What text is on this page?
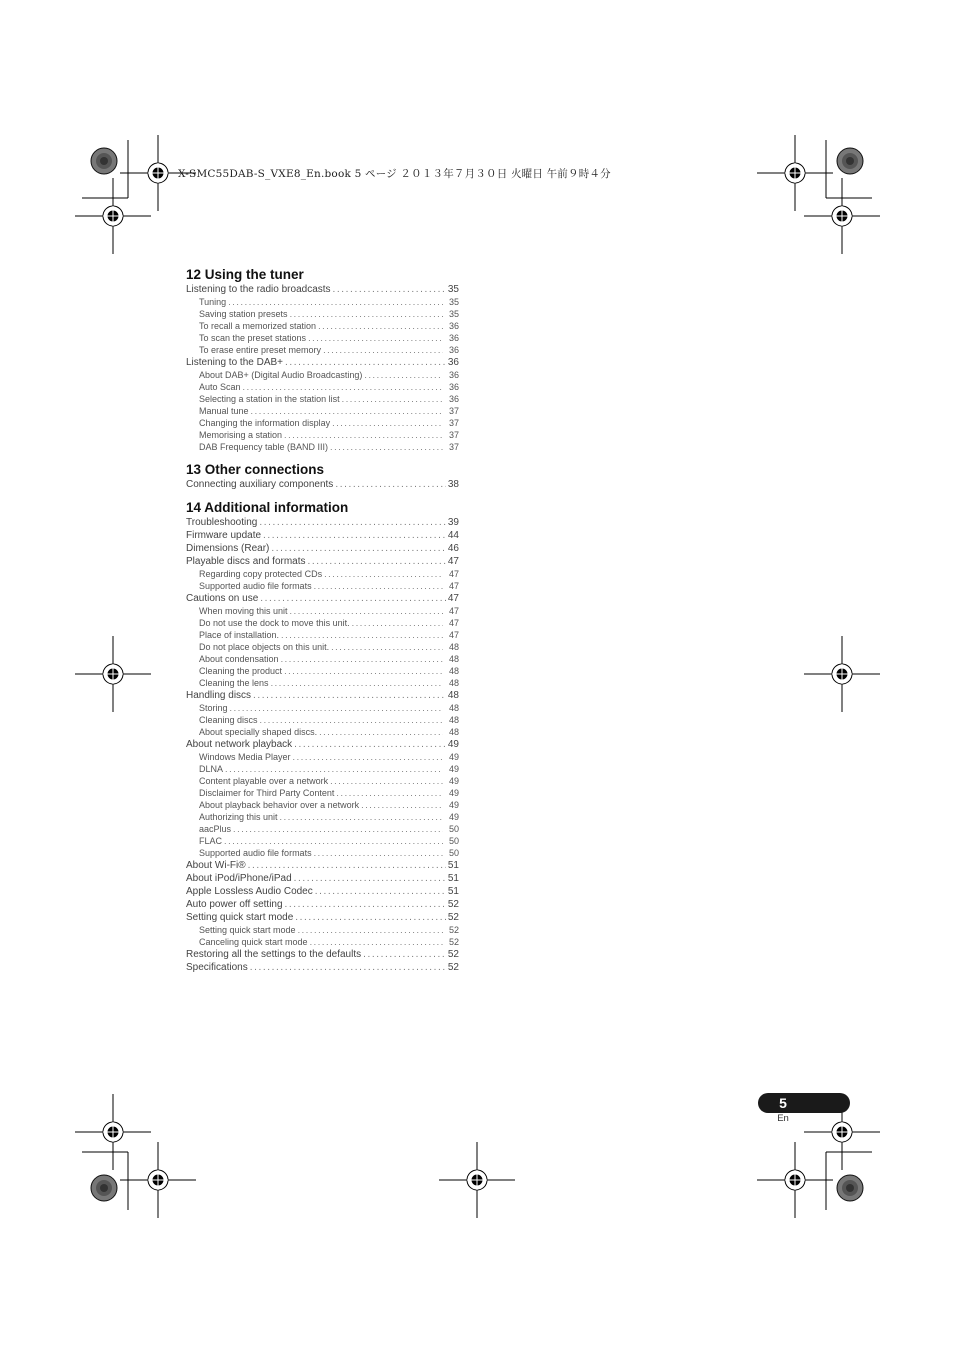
X-SMC55DAB-S_VXE8_En.book 5 ページ ２０１３年７月３０日 火曜日 午前９時４分
12 Using the tuner
Listening to the radio broadcasts .....	35
Tuning .....	35
Saving station presets .....	35
To recall a memorized station .....	36
To scan the preset stations .....	36
To erase entire preset memory .....	36
Listening to the DAB+ .....	36
About DAB+ (Digital Audio Broadcasting) .....	36
Auto Scan .....	36
Selecting a station in the station list .....	36
Manual tune .....	37
Changing the information display .....	37
Memorising a station .....	37
DAB Frequency table (BAND III) .....	37
13 Other connections
Connecting auxiliary components .....	38
14 Additional information
Troubleshooting .....	39
Firmware update .....	44
Dimensions (Rear) .....	46
Playable discs and formats .....	47
Regarding copy protected CDs .....	47
Supported audio file formats .....	47
Cautions on use .....	47
When moving this unit .....	47
Do not use the dock to move this unit. .....	47
Place of installation. .....	47
Do not place objects on this unit. .....	48
About condensation .....	48
Cleaning the product .....	48
Cleaning the lens .....	48
Handling discs .....	48
Storing .....	48
Cleaning discs .....	48
About specially shaped discs. .....	48
About network playback .....	49
Windows Media Player .....	49
DLNA .....	49
Content playable over a network .....	49
Disclaimer for Third Party Content .....	49
About playback behavior over a network .....	49
Authorizing this unit .....	49
aacPlus .....	50
FLAC .....	50
Supported audio file formats .....	50
About Wi-Fi® .....	51
About iPod/iPhone/iPad .....	51
Apple Lossless Audio Codec .....	51
Auto power off setting .....	52
Setting quick start mode .....	52
Setting quick start mode .....	52
Canceling quick start mode .....	52
Restoring all the settings to the defaults .....	52
Specifications .....	52
5
En
